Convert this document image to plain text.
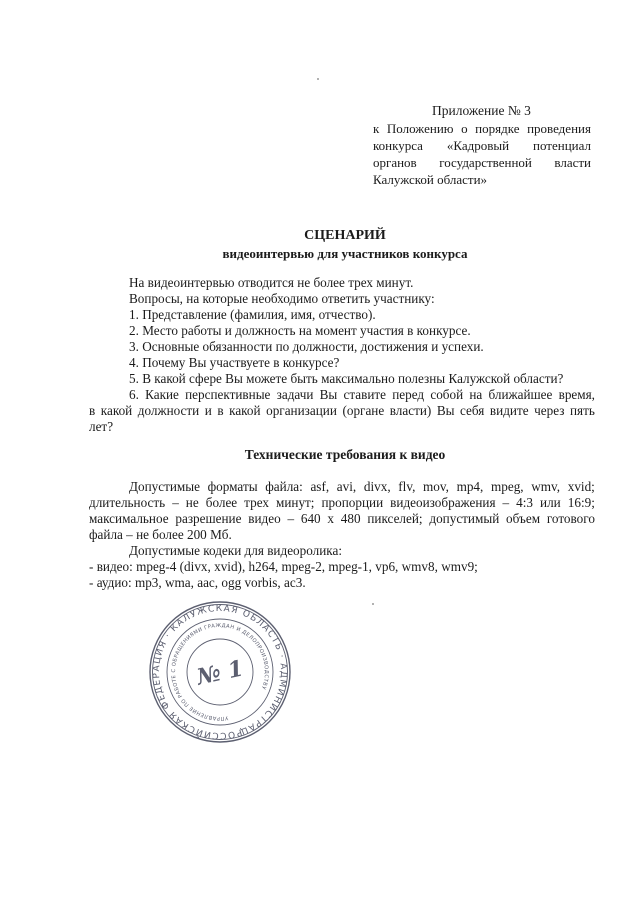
Приложение № 3
к Положению о порядке проведения
конкурса «Кадровый потенциал
органов государственной власти
Калужской области»
СЦЕНАРИЙ
видеоинтервью для участников конкурса
На видеоинтервью отводится не более трех минут.
Вопросы, на которые необходимо ответить участнику:
1. Представление (фамилия, имя, отчество).
2. Место работы и должность на момент участия в конкурсе.
3. Основные обязанности по должности, достижения и успехи.
4. Почему Вы участвуете в конкурсе?
5. В какой сфере Вы можете быть максимально полезны Калужской области?
6. Какие перспективные задачи Вы ставите перед собой на ближайшее время,
в какой должности и в какой организации (органе власти) Вы себя видите через пять
лет?
Технические требования к видео
Допустимые форматы файла: asf, avi, divx, flv, mov, mp4, mpeg, wmv, xvid;
длительность – не более трех минут; пропорции видеоизображения – 4:3 или 16:9;
максимальное разрешение видео – 640 х 480 пикселей; допустимый объем готового
файла – не более 200 Мб.
Допустимые кодеки для видеоролика:
- видео: mpeg-4 (divx, xvid), h264, mpeg-2, mpeg-1, vp6, wmv8, wmv9;
- аудио: mp3, wma, aac, ogg vorbis, ac3.
РОССИЙСКАЯ ФЕДЕРАЦИЯ · КАЛУЖСКАЯ ОБЛАСТЬ · АДМИНИСТРАЦИЯ
УПРАВЛЕНИЕ ПО РАБОТЕ С ОБРАЩЕНИЯМИ ГРАЖДАН И ДЕЛОПРОИЗВОДСТВУ
№ 1
